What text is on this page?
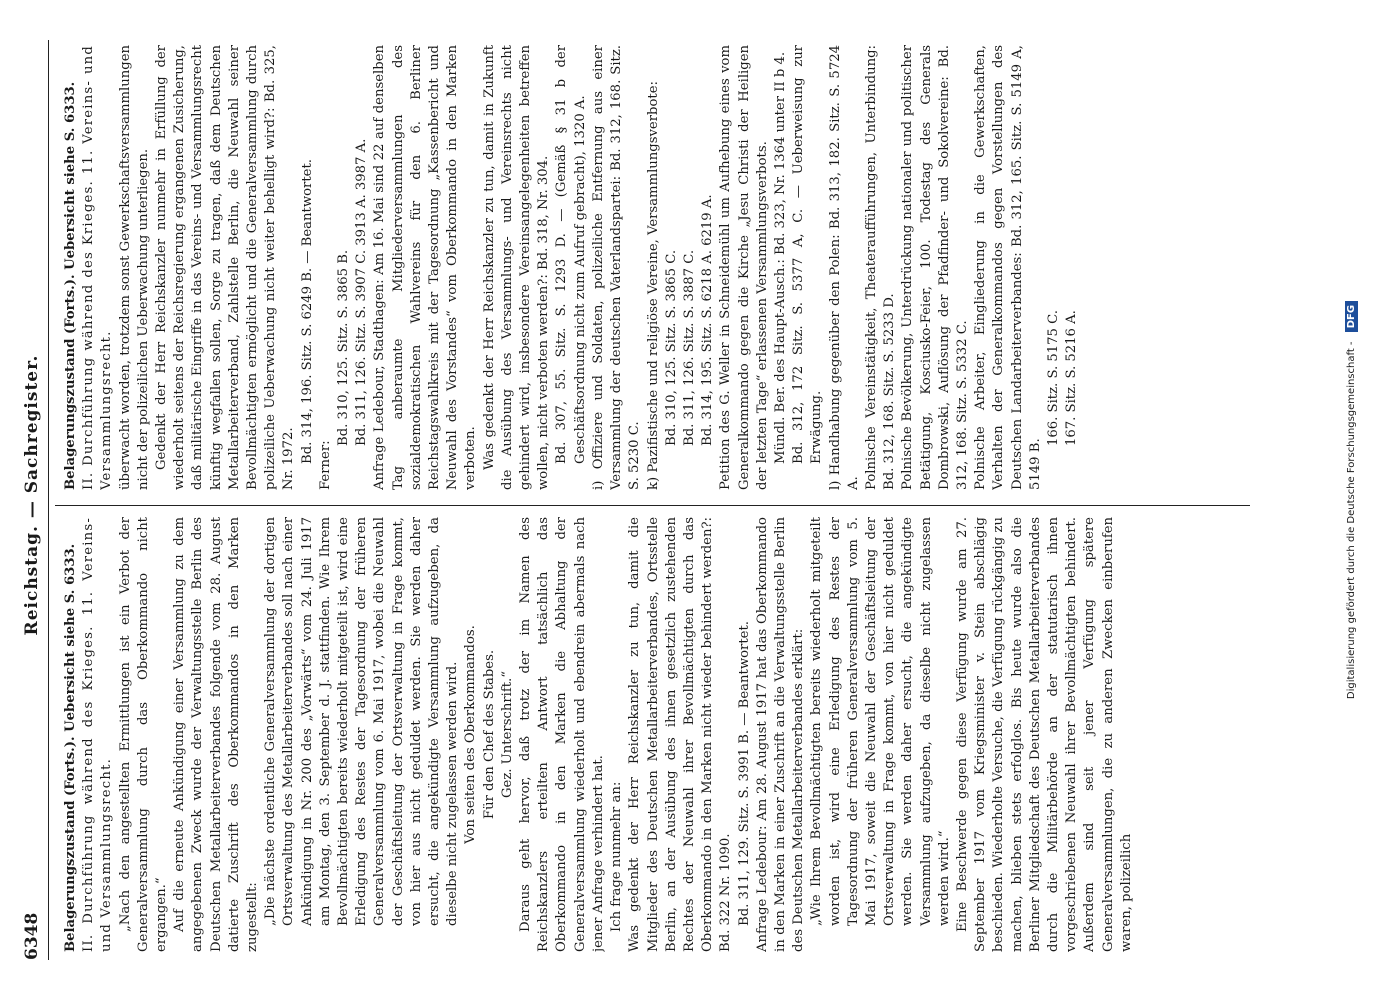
6348
Reichstag. — Sachregister.

Belagerungszustand (Forts.). Uebersicht siehe S. 6333. II. Durchführung während des Krieges. 11. Vereins- und Versammlungsrecht. „Nach den angestellten Ermittlungen ist ein Verbot der Generalversammlung durch das Oberkommando nicht ergangen.“ Auf die erneute Ankündigung einer Versammlung zu dem angegebenen Zweck wurde der Verwaltungsstelle Berlin des Deutschen Metallarbeiterverbandes folgende vom 28. August datierte Zuschrift des Oberkommandos in den Marken zugestellt: „Die nächste ordentliche Generalversammlung der dortigen Ortsverwaltung des Metallarbeiterverbandes soll nach einer Ankündigung in Nr. 200 des „Vorwärts“ vom 24. Juli 1917 am Montag, den 3. September d. J. stattfinden. Wie Ihrem Bevollmächtigten bereits wiederholt mitgeteilt ist, wird eine Erledigung des Restes der Tagesordnung der früheren Generalversammlung vom 6. Mai 1917, wobei die Neuwahl der Geschäftsleitung der Ortsverwaltung in Frage kommt, von hier aus nicht geduldet werden. Sie werden daher ersucht, die angekündigte Versammlung aufzugeben, da dieselbe nicht zugelassen werden wird. Von seiten des Oberkommandos. Für den Chef des Stabes. Gez. Unterschrift.“ Daraus geht hervor, daß trotz der im Namen des Reichskanzlers erteilten Antwort tatsächlich das Oberkommando in den Marken die Abhaltung der Generalversammlung wiederholt und ebendrein abermals nach jener Anfrage verhindert hat. Ich frage nunmehr an: Was gedenkt der Herr Reichskanzler zu tun, damit die Mitglieder des Deutschen Metallarbeiterverbandes, Ortsstelle Berlin, an der Ausübung des ihnen gesetzlich zustehenden Rechtes der Neuwahl ihrer Bevollmächtigten durch das Oberkommando in den Marken nicht wieder behindert werden?: Bd. 322 Nr. 1090. Bd. 311, 129. Sitz. S. 3991 B. — Beantwortet. Anfrage Ledebour: Am 28. August 1917 hat das Oberkommando in den Marken in einer Zuschrift an die Verwaltungsstelle Berlin des Deutschen Metallarbeiterverbandes erklärt: „Wie Ihrem Bevollmächtigten bereits wiederholt mitgeteilt worden ist, wird eine Erledigung des Restes der Tagesordnung der früheren Generalversammlung vom 5. Mai 1917, soweit die Neuwahl der Geschäftsleitung der Ortsverwaltung in Frage kommt, von hier nicht geduldet werden. Sie werden daher ersucht, die angekündigte Versammlung aufzugeben, da dieselbe nicht zugelassen werden wird.“ Eine Beschwerde gegen diese Verfügung wurde am 27. September 1917 vom Kriegsminister v. Stein abschlägig beschieden. Wiederholte Versuche, die Verfügung rückgängig zu machen, blieben stets erfolglos. Bis heute wurde also die Berliner Mitgliedschaft des Deutschen Metallarbeiterverbandes durch die Militärbehörde an der statutarisch ihnen vorgeschriebenen Neuwahl ihrer Bevollmächtigten behindert. Außerdem sind seit jener Verfügung spätere Generalversammlungen, die zu anderen Zwecken einberufen waren, polizeilich

Belagerungszustand (Forts.). Uebersicht siehe S. 6333. II. Durchführung während des Krieges. 11. Vereins- und Versammlungsrecht. überwacht worden, trotzdem sonst Gewerkschaftsversammlungen nicht der polizeilichen Ueberwachung unterliegen. Gedenkt der Herr Reichskanzler nunmehr in Erfüllung der wiederholt seitens der Reichsregierung ergangenen Zusicherung, daß militärische Eingriffe in das Vereins- und Versammlungsrecht künftig wegfallen sollen, Sorge zu tragen, daß dem Deutschen Metallarbeiterverband, Zahlstelle Berlin, die Neuwahl seiner Bevollmächtigten ermöglicht und die Generalversammlung durch polizeiliche Ueberwachung nicht weiter behelligt wird?: Bd. 325, Nr. 1972. Bd. 314, 196. Sitz. S. 6249 B. — Beantwortet.

Ferner:

Bd. 310, 125. Sitz. S. 3865 B. Bd. 311, 126. Sitz. S. 3907 C. 3913 A. 3987 A. Anfrage Ledebour, Stadthagen: Am 16. Mai sind 22 auf denselben Tag anberaumte Mitgliederversammlungen des sozialdemokratischen Wahlvereins für den 6. Berliner Reichstagswahlkreis mit der Tagesordnung „Kassenbericht und Neuwahl des Vorstandes“ vom Oberkommando in den Marken verboten. Was gedenkt der Herr Reichskanzler zu tun, damit in Zukunft die Ausübung des Versammlungs- und Vereinsrechts nicht gehindert wird, insbesondere Vereinsangelegenheiten betreffen wollen, nicht verboten werden?: Bd. 318, Nr. 304. Bd. 307, 55. Sitz. S. 1293 D. — (Gemäß § 31 b der Geschäftsordnung nicht zum Aufruf gebracht), 1320 A. i) Offiziere und Soldaten, polizeiliche Entfernung aus einer Versammlung der deutschen Vaterlandspartei: Bd. 312, 168. Sitz. S. 5230 C. k) Pazifistische und religiöse Vereine, Versammlungsverbote: Bd. 310, 125. Sitz. S. 3865 C. Bd. 311, 126. Sitz. S. 3887 C. Bd. 314, 195. Sitz. S. 6218 A. 6219 A. Petition des G. Weller in Schneidemühl um Aufhebung eines vom Generalkommando gegen die Kirche „Jesu Christi der Heiligen der letzten Tage“ erlassenen Versammlungsverbots. Mündl. Ber. des Haupt-Ausch.: Bd. 323, Nr. 1364 unter II b 4. Bd. 312, 172 Sitz. S. 5377 A, C. — Ueberweisung zur Erwägung. l) Handhabung gegenüber den Polen: Bd. 313, 182. Sitz. S. 5724 A. Polnische Vereinstätigkeit, Theateraufführungen, Unterbindung: Bd. 312, 168. Sitz. S. 5233 D. Polnische Bevölkerung, Unterdrückung nationaler und politischer Betätigung, Kosciusko-Feier, 100. Todestag des Generals Dombrowski, Auflösung der Pfadfinder- und Sokolvereine: Bd. 312, 168. Sitz. S. 5332 C. Polnische Arbeiter, Eingliederung in die Gewerkschaften, Verhalten der Generalkommandos gegen Vorstellungen des Deutschen Landarbeiterverbandes: Bd. 312, 165. Sitz. S. 5149 A, 5149 B.

166. Sitz. S. 5175 C. 167. Sitz. S. 5216 A.	Digitalisierung gefördert durch die Deutsche Forschungsgemeinschaft - DFG
